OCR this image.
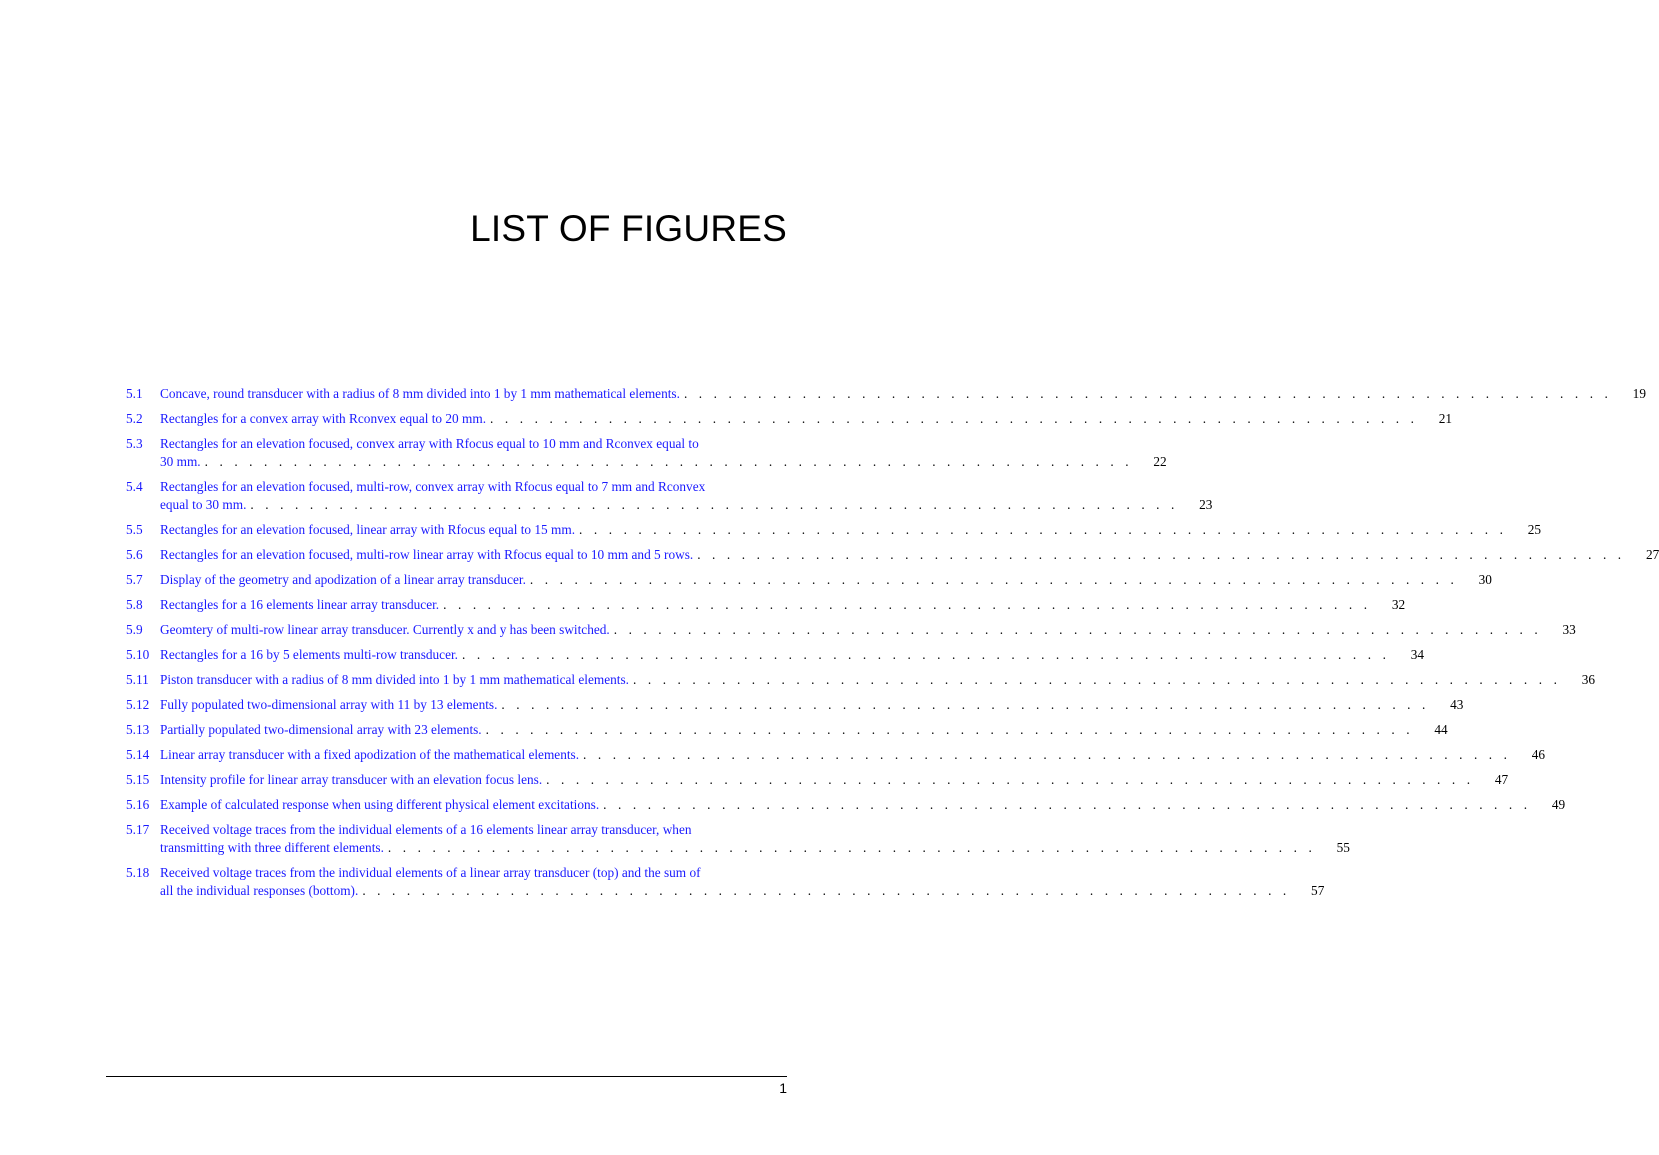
LIST OF FIGURES
5.1	Concave, round transducer with a radius of 8 mm divided into 1 by 1 mm mathematical elements. . . . . . . . . . . . . . . . . . . . . . . . . . . . . . . . . . . . . . . . . . . . . . . . . . . . . . . . . . . . . . . .	19
5.2	Rectangles for a convex array with Rconvex equal to 20 mm. . . . . . . . . . . . . . . . . . . . . . . . . . . . . . . . . . . . . . . . . . . . . . . . . . . . . . . . . . . . . . . .	21
5.3	Rectangles for an elevation focused, convex array with Rfocus equal to 10 mm and Rconvex equal to
30 mm. . . . . . . . . . . . . . . . . . . . . . . . . . . . . . . . . . . . . . . . . . . . . . . . . . . . . . . . . . . . . . . .	22
5.4	Rectangles for an elevation focused, multi-row, convex array with Rfocus equal to 7 mm and Rconvex
equal to 30 mm. . . . . . . . . . . . . . . . . . . . . . . . . . . . . . . . . . . . . . . . . . . . . . . . . . . . . . . . . . . . . . . .	23
5.5	Rectangles for an elevation focused, linear array with Rfocus equal to 15 mm. . . . . . . . . . . . . . . . . . . . . . . . . . . . . . . . . . . . . . . . . . . . . . . . . . . . . . . . . . . . . . . .	25
5.6	Rectangles for an elevation focused, multi-row linear array with Rfocus equal to 10 mm and 5 rows. . . . . . . . . . . . . . . . . . . . . . . . . . . . . . . . . . . . . . . . . . . . . . . . . . . . . . . . . . . . . . . .	27
5.7	Display of the geometry and apodization of a linear array transducer. . . . . . . . . . . . . . . . . . . . . . . . . . . . . . . . . . . . . . . . . . . . . . . . . . . . . . . . . . . . . . . .	30
5.8	Rectangles for a 16 elements linear array transducer. . . . . . . . . . . . . . . . . . . . . . . . . . . . . . . . . . . . . . . . . . . . . . . . . . . . . . . . . . . . . . . .	32
5.9	Geomtery of multi-row linear array transducer. Currently x and y has been switched. . . . . . . . . . . . . . . . . . . . . . . . . . . . . . . . . . . . . . . . . . . . . . . . . . . . . . . . . . . . . . . .	33
5.10 Rectangles for a 16 by 5 elements multi-row transducer. . . . . . . . . . . . . . . . . . . . . . . . . . . . . . . . . . . . . . . . . . . . . . . . . . . . . . . . . . . . . . . .	34
5.11 Piston transducer with a radius of 8 mm divided into 1 by 1 mm mathematical elements. . . . . . . . . . . . . . . . . . . . . . . . . . . . . . . . . . . . . . . . . . . . . . . . . . . . . . . . . . . . . . . .	36
5.12 Fully populated two-dimensional array with 11 by 13 elements. . . . . . . . . . . . . . . . . . . . . . . . . . . . . . . . . . . . . . . . . . . . . . . . . . . . . . . . . . . . . . . .	43
5.13 Partially populated two-dimensional array with 23 elements. . . . . . . . . . . . . . . . . . . . . . . . . . . . . . . . . . . . . . . . . . . . . . . . . . . . . . . . . . . . . . . .	44
5.14 Linear array transducer with a fixed apodization of the mathematical elements. . . . . . . . . . . . . . . . . . . . . . . . . . . . . . . . . . . . . . . . . . . . . . . . . . . . . . . . . . . . . . . .	46
5.15 Intensity profile for linear array transducer with an elevation focus lens. . . . . . . . . . . . . . . . . . . . . . . . . . . . . . . . . . . . . . . . . . . . . . . . . . . . . . . . . . . . . . . .	47
5.16 Example of calculated response when using different physical element excitations. . . . . . . . . . . . . . . . . . . . . . . . . . . . . . . . . . . . . . . . . . . . . . . . . . . . . . . . . . . . . . . .	49
5.17 Received voltage traces from the individual elements of a 16 elements linear array transducer, when
transmitting with three different elements. . . . . . . . . . . . . . . . . . . . . . . . . . . . . . . . . . . . . . . . . . . . . . . . . . . . . . . . . . . . . . . .	55
5.18 Received voltage traces from the individual elements of a linear array transducer (top) and the sum of
all the individual responses (bottom). . . . . . . . . . . . . . . . . . . . . . . . . . . . . . . . . . . . . . . . . . . . . . . . . . . . . . . . . . . . . . . .	57
1
